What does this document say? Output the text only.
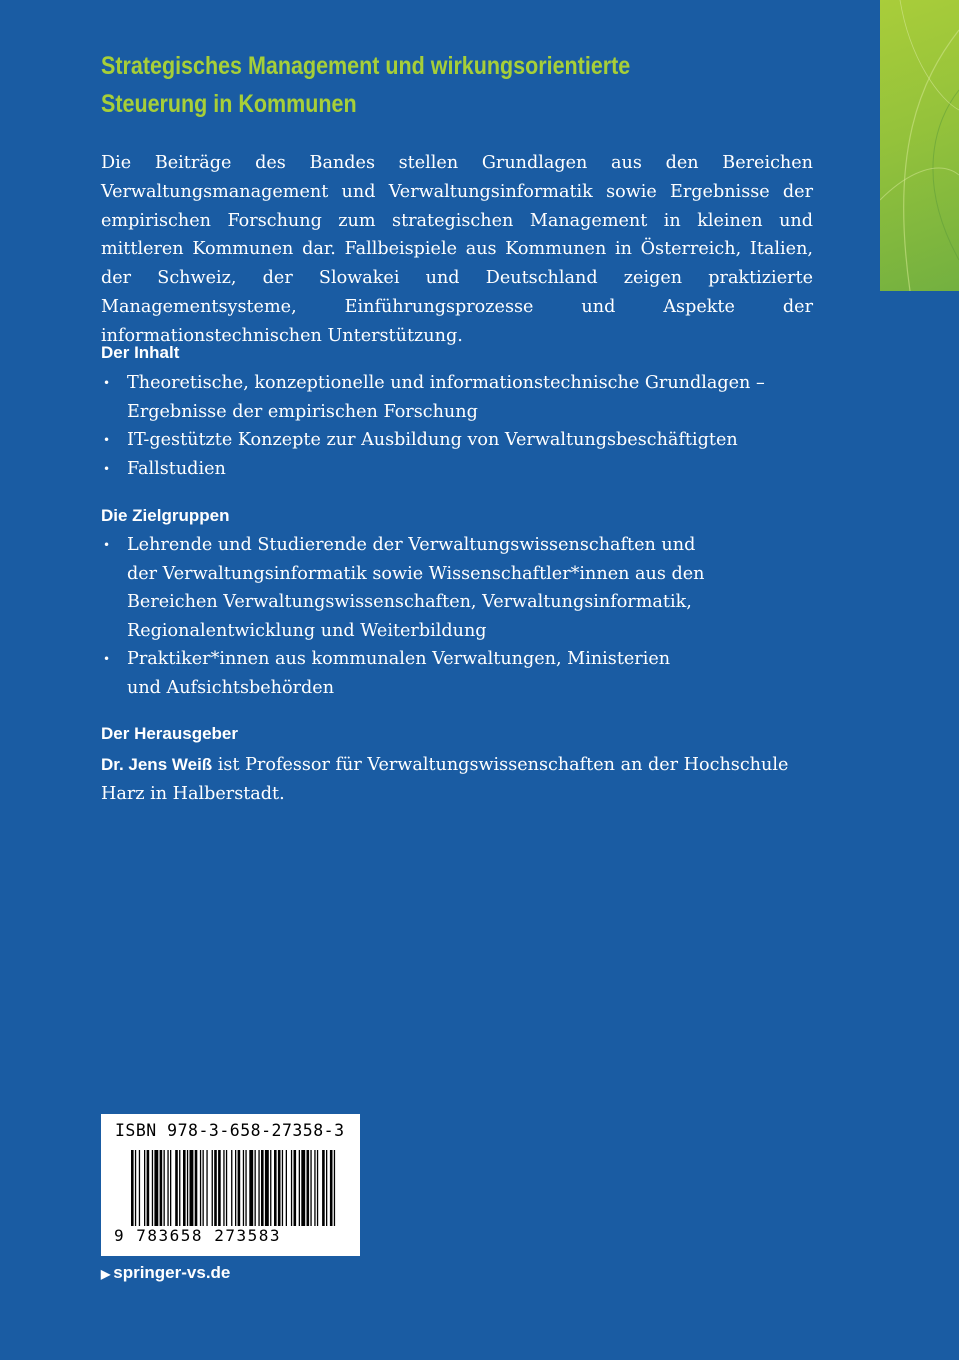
Strategisches Management und wirkungsorientierte
Steuerung in Kommunen

Die Beiträge des Bandes stellen Grundlagen aus den Bereichen Verwaltungsmanagement und Verwaltungsinformatik sowie Ergebnisse der empirischen Forschung zum strategischen Management in kleinen und mittleren Kommunen dar. Fallbeispiele aus Kommunen in Österreich, Italien, der Schweiz, der Slowakei und Deutschland zeigen praktizierte Managementsysteme, Einführungsprozesse und Aspekte der informationstechnischen Unterstützung.

Der Inhalt
• Theoretische, konzeptionelle und informationstechnische Grundlagen –
Ergebnisse der empirischen Forschung
• IT-gestützte Konzepte zur Ausbildung von Verwaltungsbeschäftigten
• Fallstudien
Die Zielgruppen
• Lehrende und Studierende der Verwaltungswissenschaften und
der Verwaltungsinformatik sowie Wissenschaftler*innen aus den
Bereichen Verwaltungswissenschaften, Verwaltungsinformatik,
Regionalentwicklung und Weiterbildung
• Praktiker*innen aus kommunalen Verwaltungen, Ministerien
und Aufsichtsbehörden
Der Herausgeber

Dr. Jens Weiß ist Professor für Verwaltungswissenschaften an der Hochschule
Harz in Halberstadt.

ISBN 978-3-658-27358-3
9 783658 273583
▶ springer-vs.de
